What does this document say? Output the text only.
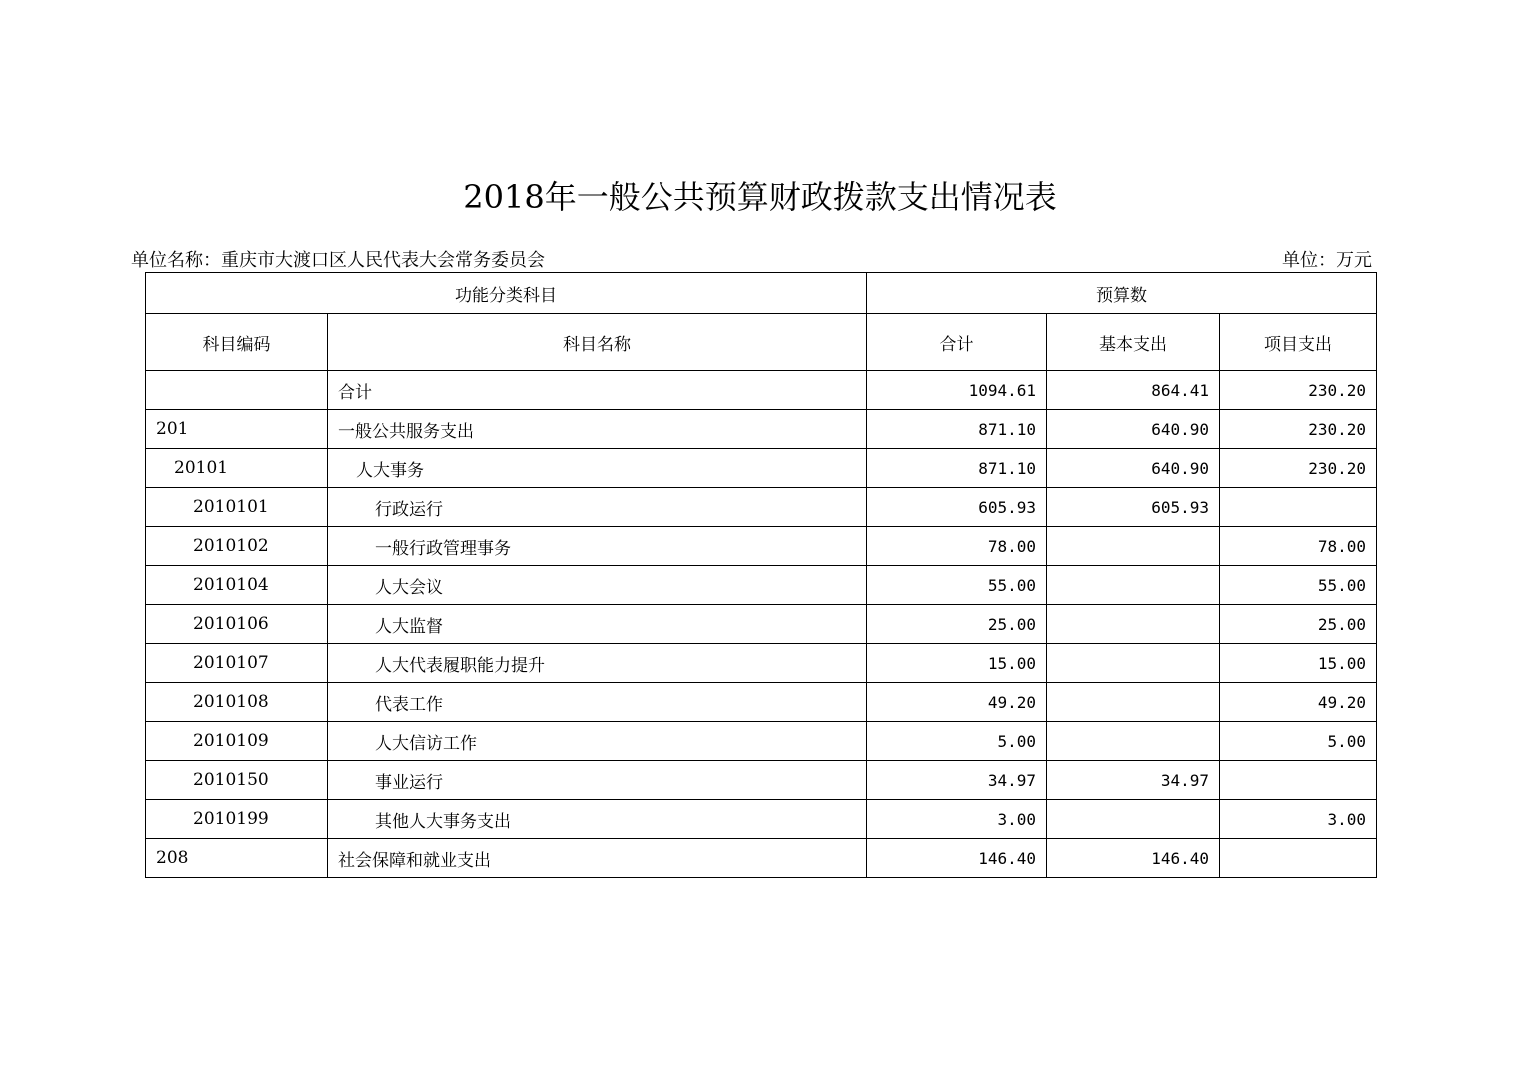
2018年一般公共预算财政拨款支出情况表
单位名称：重庆市大渡口区人民代表大会常务委员会	单位：万元
功能分类科目		预算数		
科目编码	科目名称	合计	基本支出	项目支出
	合计	1094.61	864.41	230.20
201	一般公共服务支出	871.10	640.90	230.20
20101	人大事务	871.10	640.90	230.20
2010101	行政运行	605.93	605.93	
2010102	一般行政管理事务	78.00		78.00
2010104	人大会议	55.00		55.00
2010106	人大监督	25.00		25.00
2010107	人大代表履职能力提升	15.00		15.00
2010108	代表工作	49.20		49.20
2010109	人大信访工作	5.00		5.00
2010150	事业运行	34.97	34.97	
2010199	其他人大事务支出	3.00		3.00
208	社会保障和就业支出	146.40	146.40	
